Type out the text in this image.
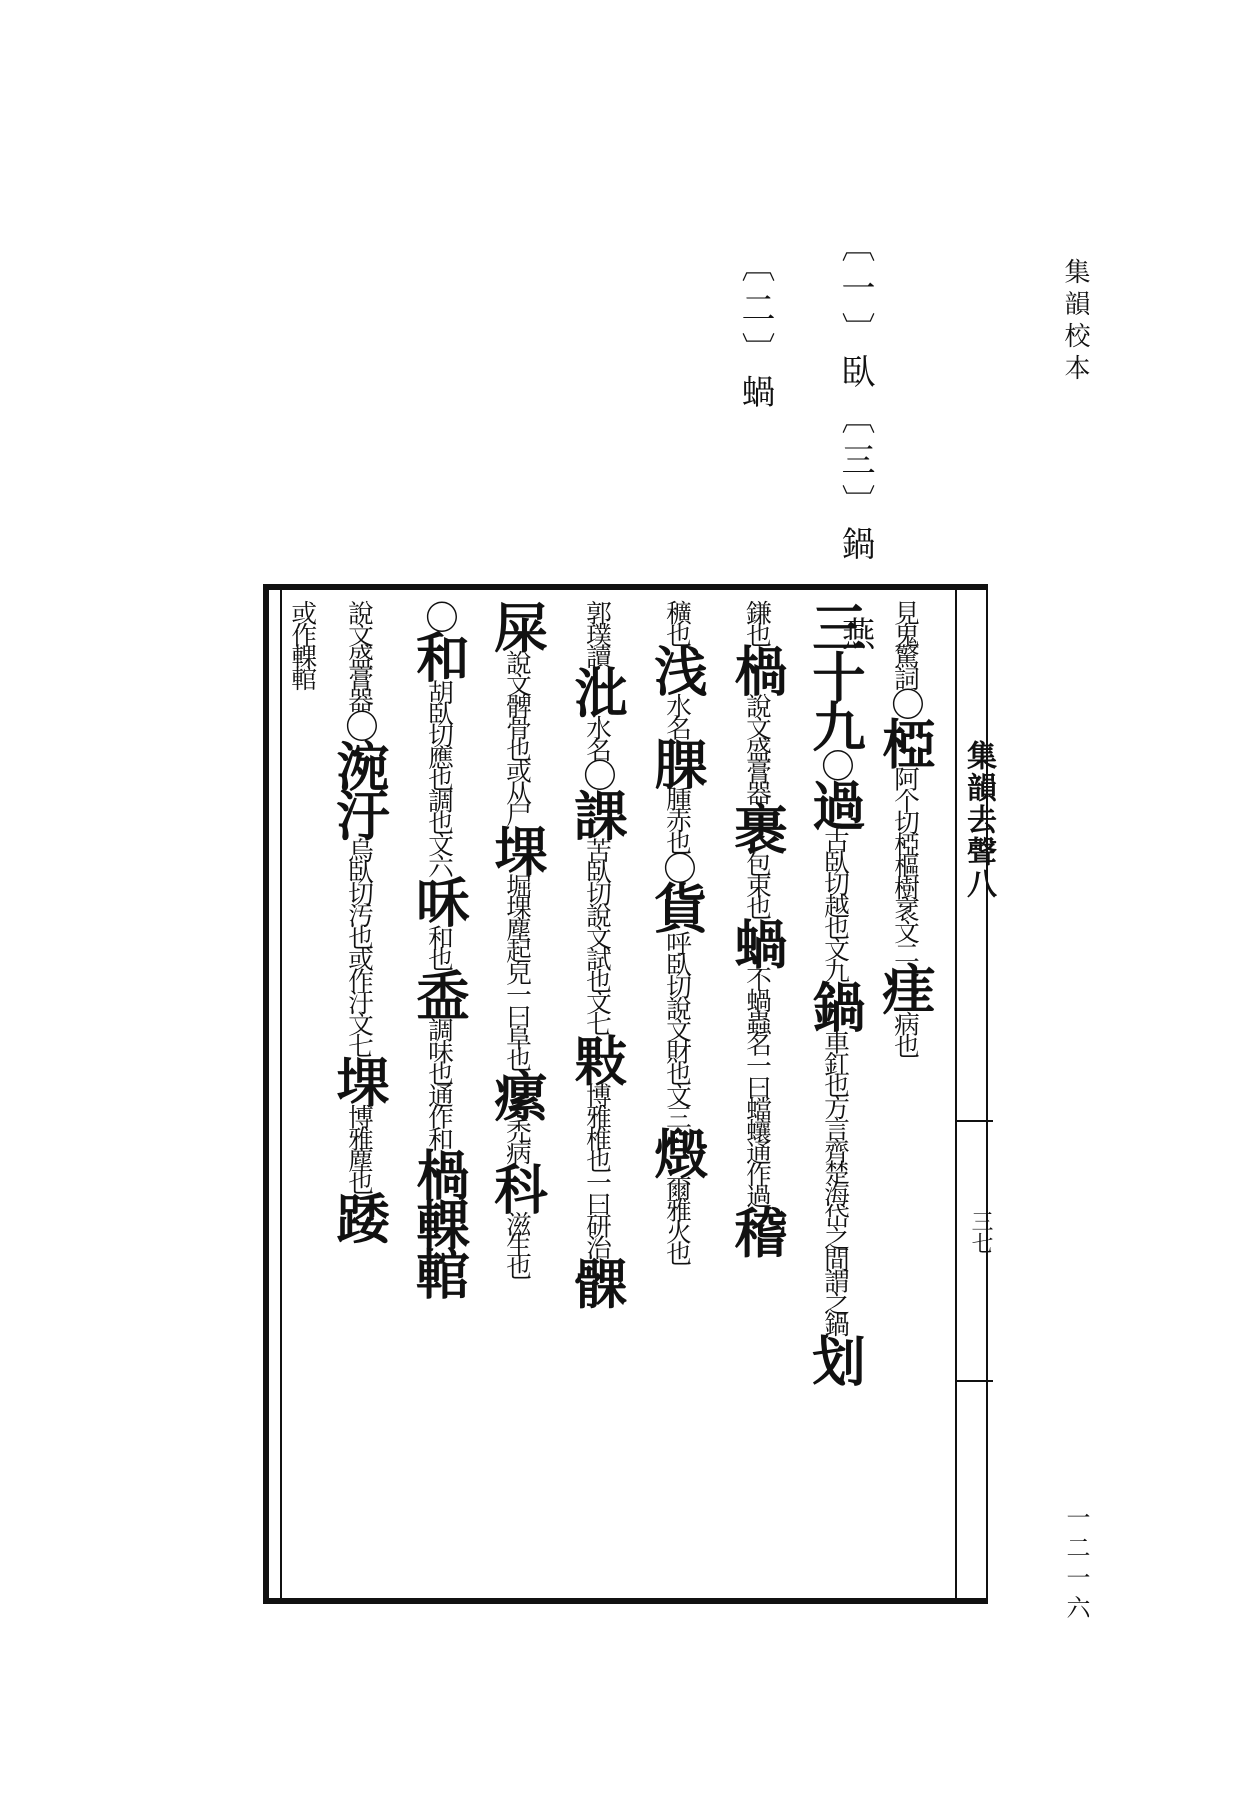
集韻校本
一二一六
〔一〕臥
〔二〕蝸
〔三〕鍋 燕
集韻去聲八
三七
見鬼驚詞〇椏阿个切椏樞樹衺文二㾏病也
三十九〇過古臥切越也文九鍋車釭也方言齊楚海岱之間謂之鍋划
鎌也楇說文盛膏器裹包束也蝸不蝸蟲名一曰蟷蠰通作過稽
穬也浅水名腂腫赤也〇貨呼臥切說文財也文三燬爾雅火也
郭璞讀沘水名〇課苦臥切說文試也文七敤博雅椎也一曰研治髁
屎說文髀骨也或从尸堁堀堁塵起皃一曰阜也瘰禿病科滋生也
〇和胡臥切應也調也文六咊和也盉調味也通作和楇輠輨
說文盛膏器〇涴汙烏臥切汚也或作汙文七堁博雅塵也踒
或作輠輨
